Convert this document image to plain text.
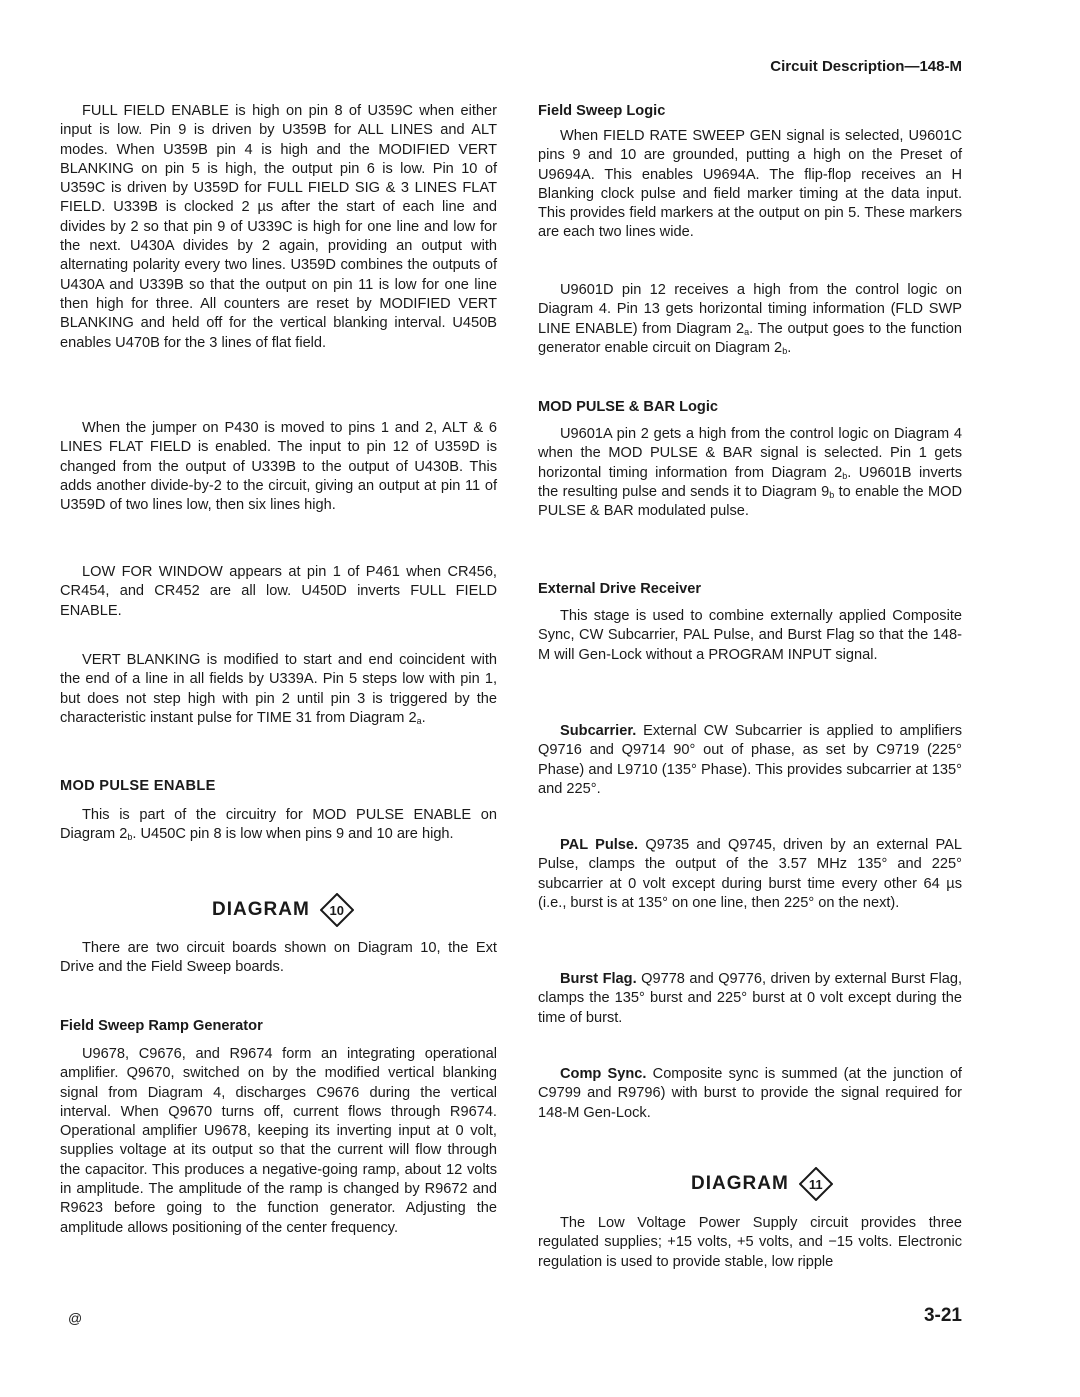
Circuit Description—148-M

FULL FIELD ENABLE is high on pin 8 of U359C when either input is low. Pin 9 is driven by U359B for ALL LINES and ALT modes. When U359B pin 4 is high and the MODIFIED VERT BLANKING on pin 5 is high, the output pin 6 is low. Pin 10 of U359C is driven by U359D for FULL FIELD SIG & 3 LINES FLAT FIELD. U339B is clocked 2 µs after the start of each line and divides by 2 so that pin 9 of U339C is high for one line and low for the next. U430A divides by 2 again, providing an output with alternating polarity every two lines. U359D combines the outputs of U430A and U339B so that the output on pin 11 is low for one line then high for three. All counters are reset by MODIFIED VERT BLANKING and held off for the vertical blanking interval. U450B enables U470B for the 3 lines of flat field.

When the jumper on P430 is moved to pins 1 and 2, ALT & 6 LINES FLAT FIELD is enabled. The input to pin 12 of U359D is changed from the output of U339B to the output of U430B. This adds another divide-by-2 to the circuit, giving an output at pin 11 of U359D of two lines low, then six lines high.

LOW FOR WINDOW appears at pin 1 of P461 when CR456, CR454, and CR452 are all low. U450D inverts FULL FIELD ENABLE.

VERT BLANKING is modified to start and end coincident with the end of a line in all fields by U339A. Pin 5 steps low with pin 1, but does not step high with pin 2 until pin 3 is triggered by the characteristic instant pulse for TIME 31 from Diagram $2_a$.

MOD PULSE ENABLE

This is part of the circuitry for MOD PULSE ENABLE on Diagram $2_b$. U450C pin 8 is low when pins 9 and 10 are high.

DIAGRAM	10

There are two circuit boards shown on Diagram 10, the Ext Drive and the Field Sweep boards.

Field Sweep Ramp Generator

U9678, C9676, and R9674 form an integrating operational amplifier. Q9670, switched on by the modified vertical blanking signal from Diagram 4, discharges C9676 during the vertical interval. When Q9670 turns off, current flows through R9674. Operational amplifier U9678, keeping its inverting input at 0 volt, supplies voltage at its output so that the current will flow through the capacitor. This produces a negative-going ramp, about 12 volts in amplitude. The amplitude of the ramp is changed by R9672 and R9623 before going to the function generator. Adjusting the amplitude allows positioning of the center frequency.

@
Field Sweep Logic

When FIELD RATE SWEEP GEN signal is selected, U9601C pins 9 and 10 are grounded, putting a high on the Preset of U9694A. This enables U9694A. The flip-flop receives an H Blanking clock pulse and field marker timing at the data input. This provides field markers at the output on pin 5. These markers are each two lines wide.

U9601D pin 12 receives a high from the control logic on Diagram 4. Pin 13 gets horizontal timing information (FLD SWP LINE ENABLE) from Diagram $2_a$. The output goes to the function generator enable circuit on Diagram $2_b$.

MOD PULSE & BAR Logic

U9601A pin 2 gets a high from the control logic on Diagram 4 when the MOD PULSE & BAR signal is selected. Pin 1 gets horizontal timing information from Diagram $2_b$. U9601B inverts the resulting pulse and sends it to Diagram $9_b$ to enable the MOD PULSE & BAR modulated pulse.

External Drive Receiver

This stage is used to combine externally applied Composite Sync, CW Subcarrier, PAL Pulse, and Burst Flag so that the 148-M will Gen-Lock without a PROGRAM INPUT signal.

Subcarrier. External CW Subcarrier is applied to amplifiers Q9716 and Q9714 90° out of phase, as set by C9719 (225° Phase) and L9710 (135° Phase). This provides subcarrier at 135° and 225°.

PAL Pulse. Q9735 and Q9745, driven by an external PAL Pulse, clamps the output of the 3.57 MHz 135° and 225° subcarrier at 0 volt except during burst time every other 64 µs (i.e., burst is at 135° on one line, then 225° on the next).

Burst Flag. Q9778 and Q9776, driven by external Burst Flag, clamps the 135° burst and 225° burst at 0 volt except during the time of burst.

Comp Sync. Composite sync is summed (at the junction of C9799 and R9796) with burst to provide the signal required for 148-M Gen-Lock.

DIAGRAM	11

The Low Voltage Power Supply circuit provides three regulated supplies; +15 volts, +5 volts, and −15 volts. Electronic regulation is used to provide stable, low ripple

3-21
